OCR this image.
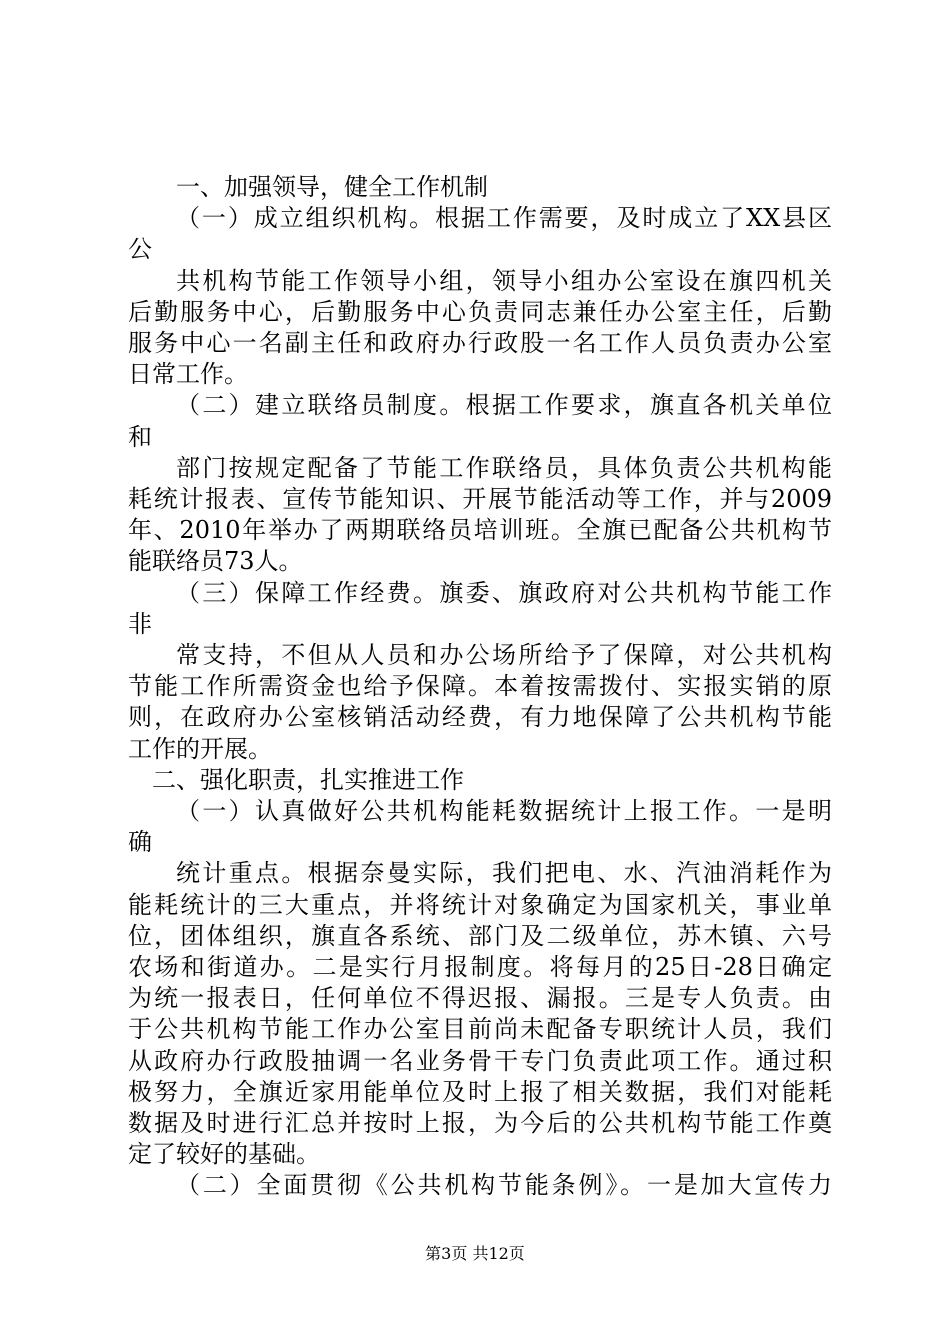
一、加强领导，健全工作机制
（一）成立组织机构。根据工作需要，及时成立了XX县区
公
共机构节能工作领导小组，领导小组办公室设在旗四机关
后勤服务中心，后勤服务中心负责同志兼任办公室主任，后勤
服务中心一名副主任和政府办行政股一名工作人员负责办公室
日常工作。
（二）建立联络员制度。根据工作要求，旗直各机关单位
和
部门按规定配备了节能工作联络员，具体负责公共机构能
耗统计报表、宣传节能知识、开展节能活动等工作，并与2009
年、2010年举办了两期联络员培训班。全旗已配备公共机构节
能联络员73人。
（三）保障工作经费。旗委、旗政府对公共机构节能工作
非
常支持，不但从人员和办公场所给予了保障，对公共机构
节能工作所需资金也给予保障。本着按需拨付、实报实销的原
则，在政府办公室核销活动经费，有力地保障了公共机构节能
工作的开展。
二、强化职责，扎实推进工作
（一）认真做好公共机构能耗数据统计上报工作。一是明
确
统计重点。根据奈曼实际，我们把电、水、汽油消耗作为
能耗统计的三大重点，并将统计对象确定为国家机关，事业单
位，团体组织，旗直各系统、部门及二级单位，苏木镇、六号
农场和街道办。二是实行月报制度。将每月的25日-28日确定
为统一报表日，任何单位不得迟报、漏报。三是专人负责。由
于公共机构节能工作办公室目前尚未配备专职统计人员，我们
从政府办行政股抽调一名业务骨干专门负责此项工作。通过积
极努力，全旗近家用能单位及时上报了相关数据，我们对能耗
数据及时进行汇总并按时上报，为今后的公共机构节能工作奠
定了较好的基础。
（二）全面贯彻《公共机构节能条例》。一是加大宣传力
第3页 共12页
